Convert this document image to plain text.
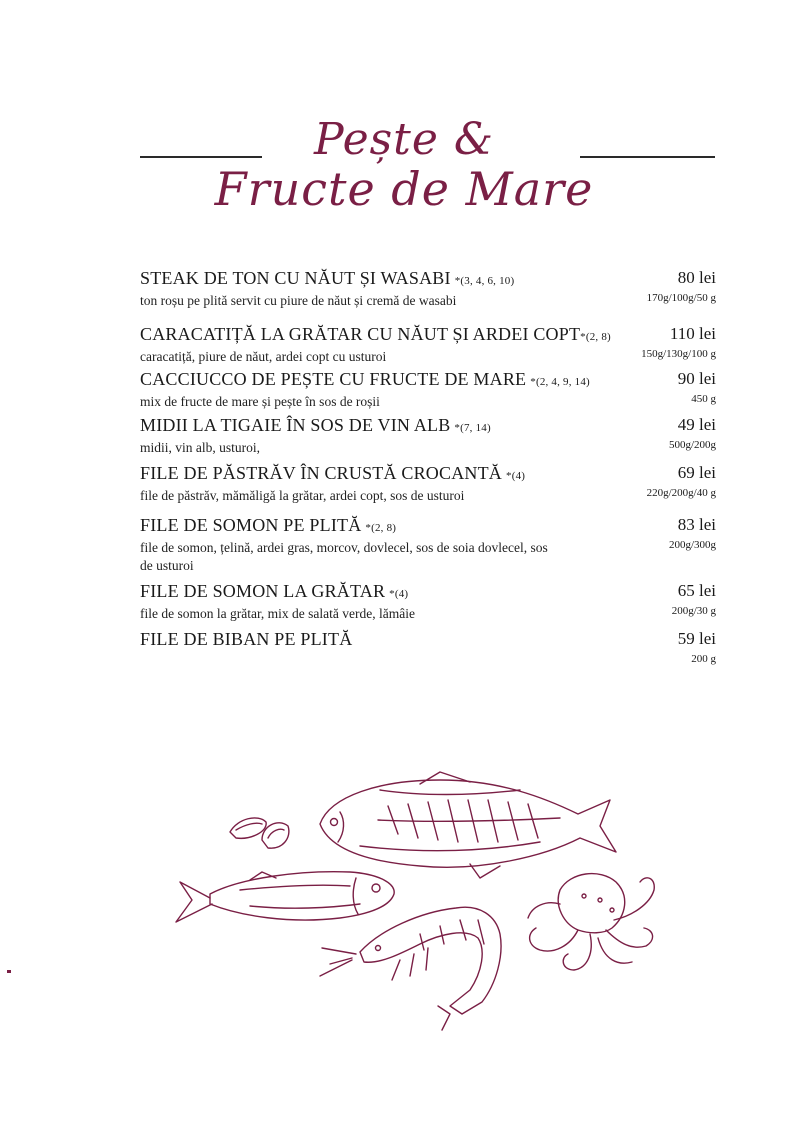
Pește &
Fructe de Mare
STEAK DE TON CU NĂUT ȘI WASABI *(3, 4, 6, 10)
ton roșu pe plită servit cu piure de năut și cremă de wasabi
80 lei
170g/100g/50 g
CARACATIȚĂ LA GRĂTAR CU NĂUT ȘI ARDEI COPT*(2, 8)
caracatiță, piure de năut, ardei copt cu usturoi
110 lei
150g/130g/100 g
CACCIUCCO DE PEȘTE CU FRUCTE DE MARE *(2, 4, 9, 14)
mix de fructe de mare și pește în sos de roșii
90 lei
450 g
MIDII LA TIGAIE ÎN SOS DE VIN ALB *(7, 14)
midii, vin alb, usturoi,
49 lei
500g/200g
FILE DE PĂSTRĂV ÎN CRUSTĂ CROCANTĂ *(4)
file de păstrăv, mămăligă la grătar, ardei copt, sos de usturoi
69 lei
220g/200g/40 g
FILE DE SOMON PE PLITĂ *(2, 8)
file de somon, țelină, ardei gras, morcov, dovlecel, sos de soia dovlecel, sos de usturoi
83 lei
200g/300g
FILE DE SOMON LA GRĂTAR *(4)
file de somon la grătar, mix de salată verde, lămâie
65 lei
200g/30 g
FILE DE BIBAN PE PLITĂ	59 lei
200 g
